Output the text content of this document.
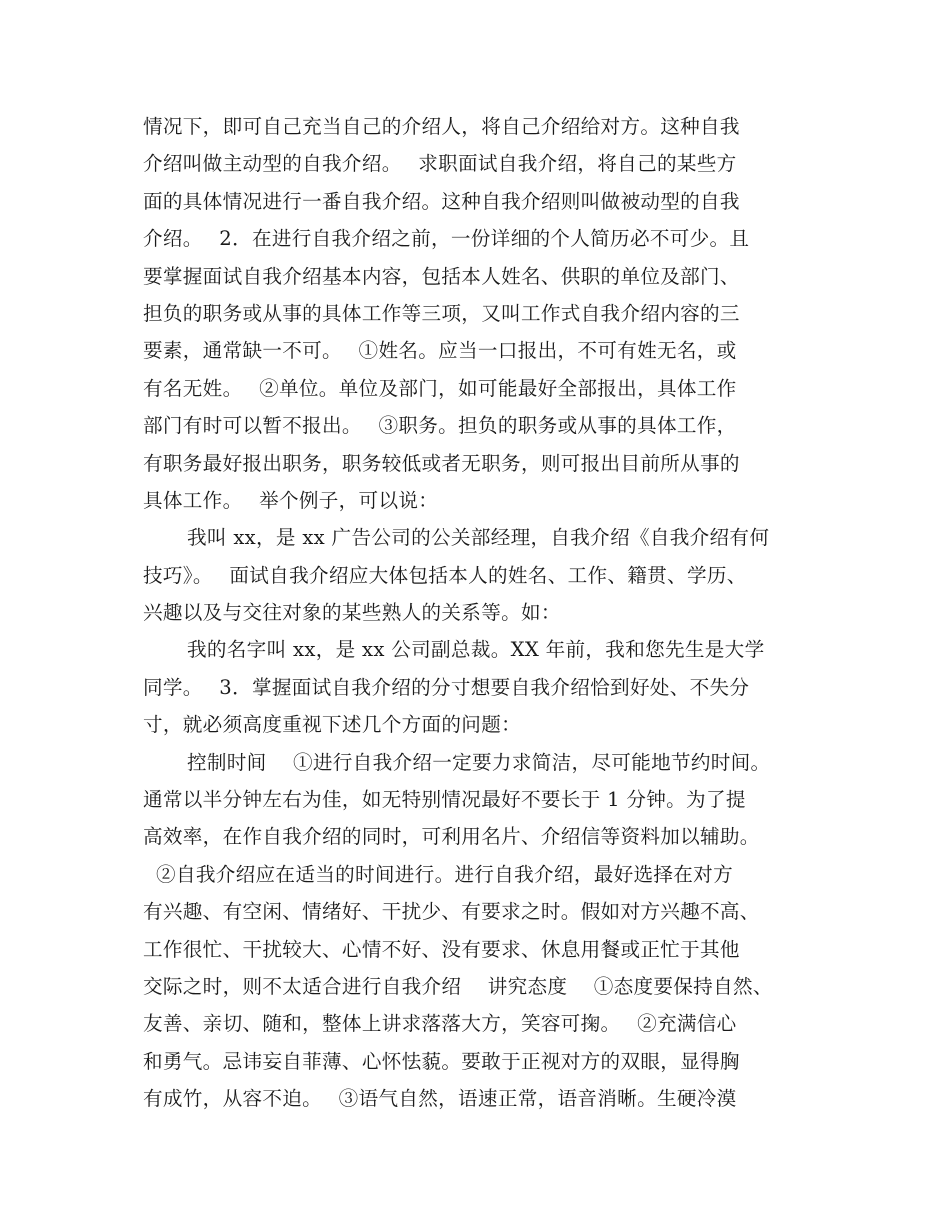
情况下，即可自己充当自己的介绍人，将自己介绍给对方。这种自我
介绍叫做主动型的自我介绍。　 求职面试自我介绍，将自己的某些方
面的具体情况进行一番自我介绍。这种自我介绍则叫做被动型的自我
介绍。　 2．在进行自我介绍之前，一份详细的个人简历必不可少。且
要掌握面试自我介绍基本内容，包括本人姓名、供职的单位及部门、
担负的职务或从事的具体工作等三项，又叫工作式自我介绍内容的三
要素，通常缺一不可。　 ①姓名。应当一口报出，不可有姓无名，或
有名无姓。　 ②单位。单位及部门，如可能最好全部报出，具体工作
部门有时可以暂不报出。　 ③职务。担负的职务或从事的具体工作，
有职务最好报出职务，职务较低或者无职务，则可报出目前所从事的
具体工作。　 举个例子，可以说：
我叫 xx，是 xx 广告公司的公关部经理，自我介绍《自我介绍有何
技巧》。　 面试自我介绍应大体包括本人的姓名、工作、籍贯、学历、
兴趣以及与交往对象的某些熟人的关系等。如：
我的名字叫 xx，是 xx 公司副总裁。XX 年前，我和您先生是大学
同学。　 3．掌握面试自我介绍的分寸想要自我介绍恰到好处、不失分
寸，就必须高度重视下述几个方面的问题：
控制时间　 ①进行自我介绍一定要力求简洁，尽可能地节约时间。
通常以半分钟左右为佳，如无特别情况最好不要长于 1 分钟。为了提
高效率，在作自我介绍的同时，可利用名片、介绍信等资料加以辅助。
②自我介绍应在适当的时间进行。进行自我介绍，最好选择在对方
有兴趣、有空闲、情绪好、干扰少、有要求之时。假如对方兴趣不高、
工作很忙、干扰较大、心情不好、没有要求、休息用餐或正忙于其他
交际之时，则不太适合进行自我介绍　 讲究态度　 ①态度要保持自然、
友善、亲切、随和，整体上讲求落落大方，笑容可掬。　 ②充满信心
和勇气。忌讳妄自菲薄、心怀怯藐。要敢于正视对方的双眼，显得胸
有成竹，从容不迫。　 ③语气自然，语速正常，语音消晰。生硬冷漠
